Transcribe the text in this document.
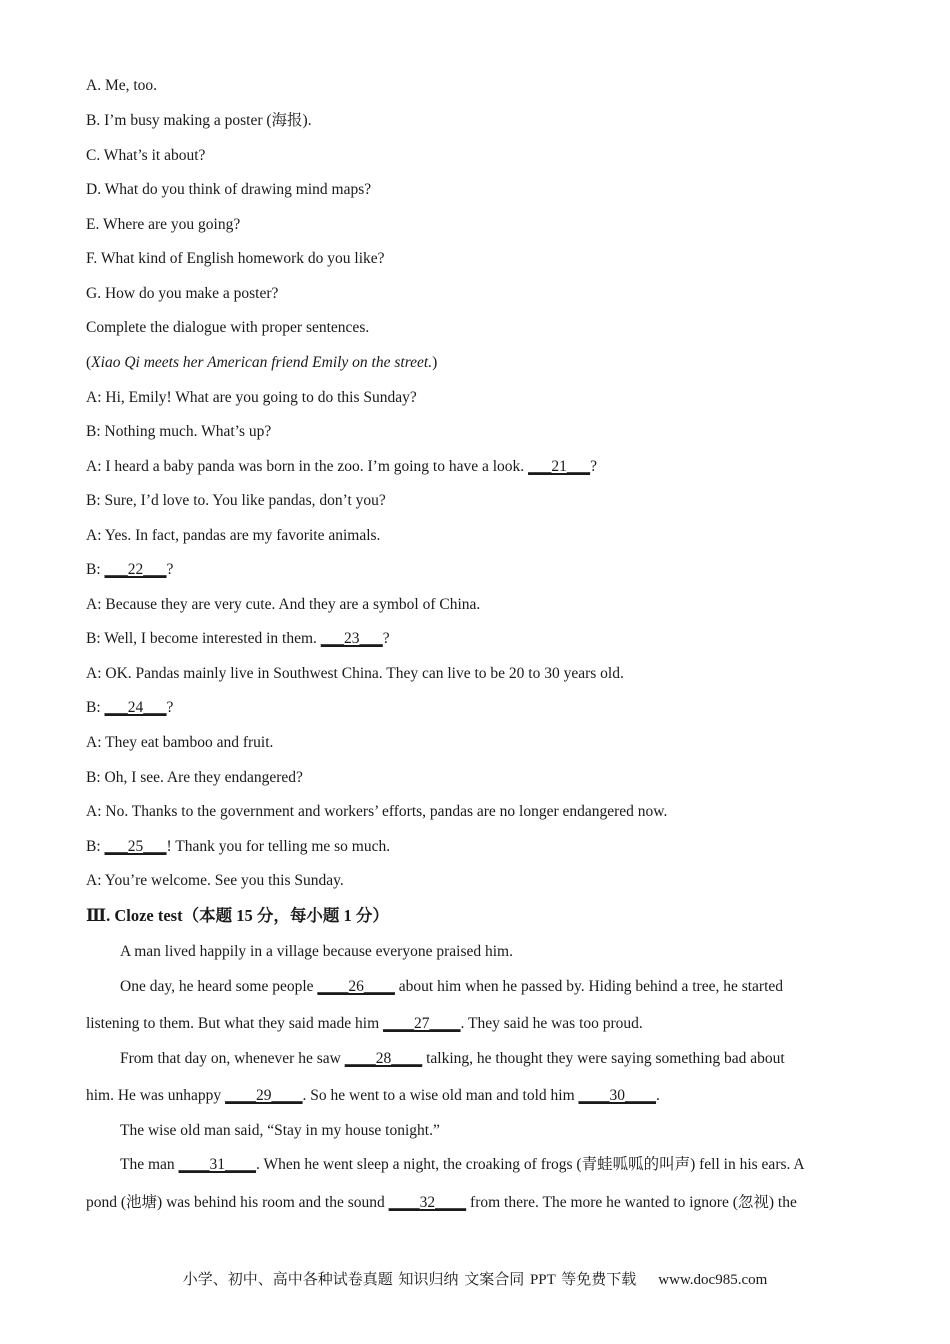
A. Me, too.
B. I’m busy making a poster (海报).
C. What’s it about?
D. What do you think of drawing mind maps?
E. Where are you going?
F. What kind of English homework do you like?
G. How do you make a poster?
Complete the dialogue with proper sentences.
(Xiao Qi meets her American friend Emily on the street.)
A: Hi, Emily! What are you going to do this Sunday?
B: Nothing much. What’s up?
A: I heard a baby panda was born in the zoo. I’m going to have a look. ___21___?
B: Sure, I’d love to. You like pandas, don’t you?
A: Yes. In fact, pandas are my favorite animals.
B: ___22___?
A: Because they are very cute. And they are a symbol of China.
B: Well, I become interested in them. ___23___?
A: OK. Pandas mainly live in Southwest China. They can live to be 20 to 30 years old.
B: ___24___?
A: They eat bamboo and fruit.
B: Oh, I see. Are they endangered?
A: No. Thanks to the government and workers’ efforts, pandas are no longer endangered now.
B: ___25___! Thank you for telling me so much.
A: You’re welcome. See you this Sunday.
Ⅲ. Cloze test（本题 15 分，每小题 1 分）
A man lived happily in a village because everyone praised him.
One day, he heard some people ____26____ about him when he passed by. Hiding behind a tree, he started
listening to them. But what they said made him ____27____. They said he was too proud.
From that day on, whenever he saw ____28____ talking, he thought they were saying something bad about
him. He was unhappy ____29____. So he went to a wise old man and told him ____30____.
The wise old man said, “Stay in my house tonight.”
The man ____31____. When he went sleep a night, the croaking of frogs (青蛙呱呱的叫声) fell in his ears. A
pond (池塘) was behind his room and the sound ____32____ from there. The more he wanted to ignore (忽视) the
小学、初中、高中各种试卷真题 知识归纳 文案合同 PPT 等免费下载 www.doc985.com
